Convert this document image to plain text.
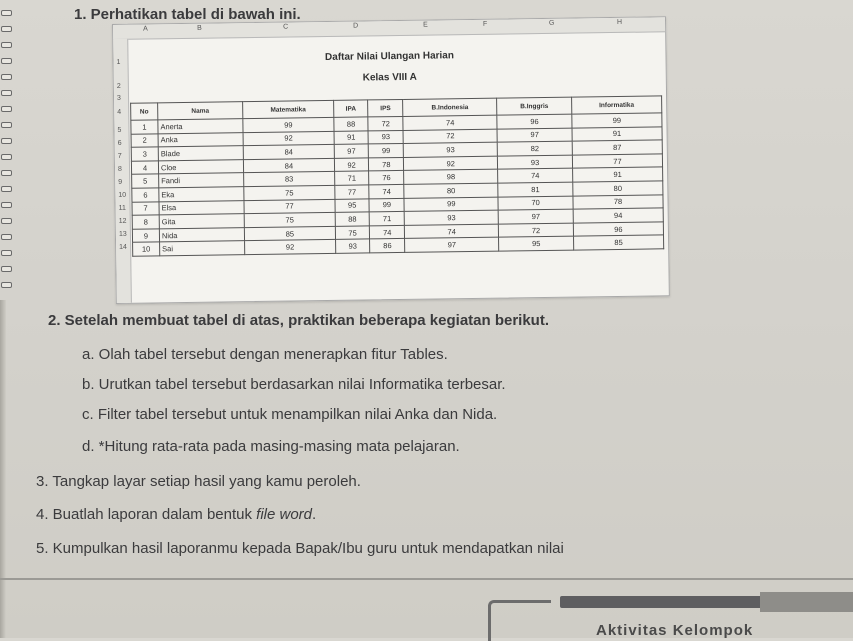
1. Perhatikan tabel di bawah ini.
A	B	C	D	E	F	G	H
1
2
3
4
5
6
7
8
9
10
11
12
13
14
Daftar Nilai Ulangan Harian
Kelas VIII A
No	Nama	Matematika	IPA	IPS	B.Indonesia	B.Inggris	Informatika
1	Anerta	99	88	72	74	96	99
2	Anka	92	91	93	72	97	91
3	Blade	84	97	99	93	82	87
4	Cloe	84	92	78	92	93	77
5	Fandi	83	71	76	98	74	91
6	Eka	75	77	74	80	81	80
7	Elsa	77	95	99	99	70	78
8	Gita	75	88	71	93	97	94
9	Nida	85	75	74	74	72	96
10	Sai	92	93	86	97	95	85
2. Setelah membuat tabel di atas, praktikan beberapa kegiatan berikut.
a. Olah tabel tersebut dengan menerapkan fitur Tables.
b. Urutkan tabel tersebut berdasarkan nilai Informatika terbesar.
c. Filter tabel tersebut untuk menampilkan nilai Anka dan Nida.
d. *Hitung rata-rata pada masing-masing mata pelajaran.
3. Tangkap layar setiap hasil yang kamu peroleh.
4. Buatlah laporan dalam bentuk file word.
5. Kumpulkan hasil laporanmu kepada Bapak/Ibu guru untuk mendapatkan nilai
Aktivitas Kelompok
